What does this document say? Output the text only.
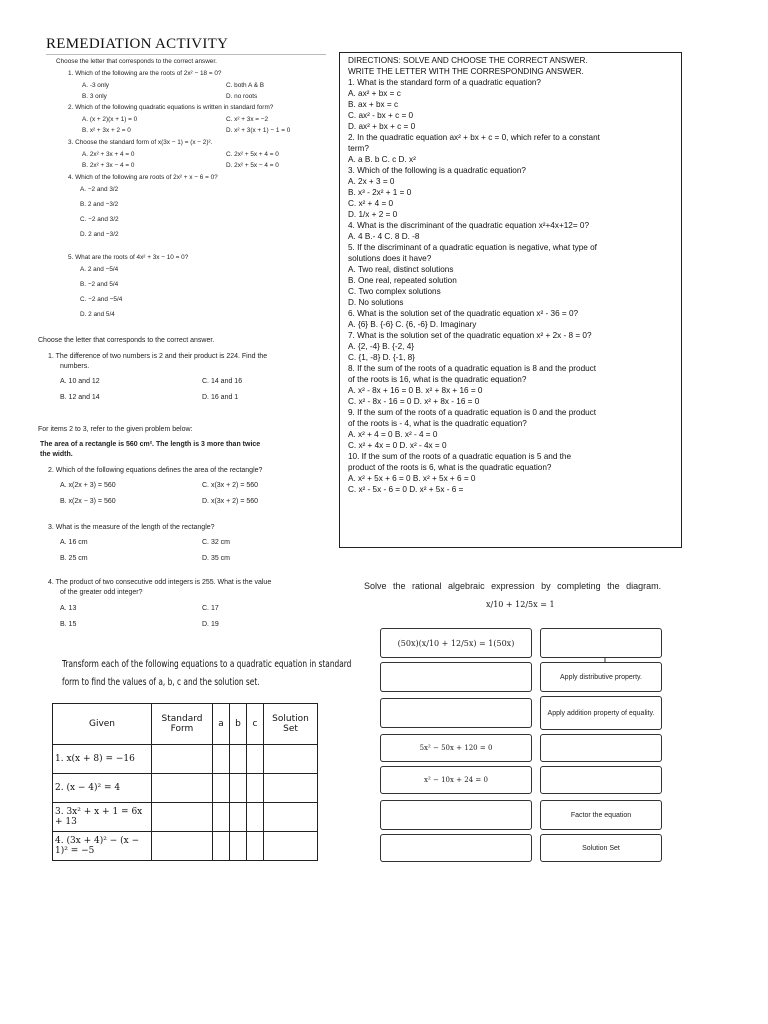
REMEDIATION ACTIVITY
Choose the letter that corresponds to the correct answer.
1. Which of the following are the roots of 2x² − 18 = 0?
A. -3 only	C. both A & B
B. 3 only	D. no roots
2. Which of the following quadratic equations is written in standard form?
A. (x + 2)(x + 1) = 0	C. x² + 3x = −2
B. x² + 3x + 2 = 0	D. x² + 3(x + 1) − 1 = 0
3. Choose the standard form of x(3x − 1) = (x − 2)².
A. 2x² + 3x + 4 = 0	C. 2x² + 5x + 4 = 0
B. 2x² + 3x − 4 = 0	D. 2x² + 5x − 4 = 0
4. Which of the following are roots of 2x² + x − 6 = 0?
A. −2 and 3/2
B. 2 and −3/2
C. −2 and 3/2
D. 2 and −3/2
5. What are the roots of 4x² + 3x − 10 = 0?
A. 2 and −5/4
B. −2 and 5/4
C. −2 and −5/4
D. 2 and 5/4
DIRECTIONS: SOLVE AND CHOOSE THE CORRECT ANSWER.
WRITE THE LETTER WITH THE CORRESPONDING ANSWER.
1. What is the standard form of a quadratic equation?
A. ax² + bx = c
B. ax + bx = c
C. ax² - bx + c = 0
D. ax² + bx + c = 0
2. In the quadratic equation ax² + bx + c = 0, which refer to a constant
term?
A. a B. b C. c D. x²
3. Which of the following is a quadratic equation?
A. 2x + 3 = 0
B. x³ - 2x² + 1 = 0
C. x² + 4 = 0
D. 1/x + 2 = 0
4. What is the discriminant of the quadratic equation x²+4x+12= 0?
A. 4 B.- 4 C. 8 D. -8
5. If the discriminant of a quadratic equation is negative, what type of
solutions does it have?
A. Two real, distinct solutions
B. One real, repeated solution
C. Two complex solutions
D. No solutions
6. What is the solution set of the quadratic equation x² - 36 = 0?
A. {6} B. {-6} C. {6, -6} D. Imaginary
7. What is the solution set of the quadratic equation x² + 2x - 8 = 0?
A. {2, -4} B. {-2, 4}
C. {1, -8} D. {-1, 8}
8. If the sum of the roots of a quadratic equation is 8 and the product
of the roots is 16, what is the quadratic equation?
A. x² - 8x + 16 = 0 B. x² + 8x + 16 = 0
C. x² - 8x - 16 = 0 D. x² + 8x - 16 = 0
9. If the sum of the roots of a quadratic equation is 0 and the product
of the roots is - 4, what is the quadratic equation?
A. x² + 4 = 0 B. x² - 4 = 0
C. x² + 4x = 0 D. x² - 4x = 0
10. If the sum of the roots of a quadratic equation is 5 and the
product of the roots is 6, what is the quadratic equation?
A. x² + 5x + 6 = 0 B. x² + 5x + 6 = 0
C. x² - 5x - 6 = 0 D. x² + 5x - 6 =
Choose the letter that corresponds to the correct answer.
1. The difference of two numbers is 2 and their product is 224. Find the
numbers.
A. 10 and 12	C. 14 and 16
B. 12 and 14	D. 16 and 1
For items 2 to 3, refer to the given problem below:
The area of a rectangle is 560 cm². The length is 3 more than twice
the width.
2. Which of the following equations defines the area of the rectangle?
A. x(2x + 3) = 560	C. x(3x + 2) = 560
B. x(2x − 3) = 560	D. x(3x + 2) = 560
3. What is the measure of the length of the rectangle?
A. 16 cm	C. 32 cm
B. 25 cm	D. 35 cm
4. The product of two consecutive odd integers is 255. What is the value
of the greater odd integer?
A. 13	C. 17
B. 15	D. 19
Transform each of the following equations to a quadratic equation in standard
form to find the values of a, b, c and the solution set.
Given	Standard Form	a	b	c	Solution Set
1. x(x + 8) = −16					
2. (x − 4)² = 4					
3. 3x² + x + 1 = 6x + 13					
4. (3x + 4)² − (x − 1)² = −5					
Solve the rational algebraic expression by completing the diagram.
x/10 + 12/5x = 1
(50x)(x/10 + 12/5x) = 1(50x)
Apply distributive property.
Apply addition property of equality.
5x² − 50x + 120 = 0
x² − 10x + 24 = 0
Factor the equation
Solution Set
